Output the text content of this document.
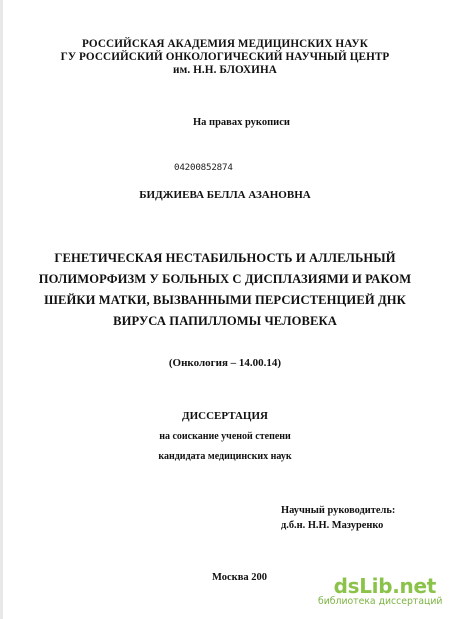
РОССИЙСКАЯ АКАДЕМИЯ МЕДИЦИНСКИХ НАУК
ГУ РОССИЙСКИЙ ОНКОЛОГИЧЕСКИЙ НАУЧНЫЙ ЦЕНТР
им. Н.Н. БЛОХИНА
На правах рукописи
04200852874
БИДЖИЕВА БЕЛЛА АЗАНОВНА
ГЕНЕТИЧЕСКАЯ НЕСТАБИЛЬНОСТЬ И АЛЛЕЛЬНЫЙ
ПОЛИМОРФИЗМ У БОЛЬНЫХ С ДИСПЛАЗИЯМИ И РАКОМ
ШЕЙКИ МАТКИ, ВЫЗВАННЫМИ ПЕРСИСТЕНЦИЕЙ ДНК
ВИРУСА ПАПИЛЛОМЫ ЧЕЛОВЕКА
(Онкология – 14.00.14)
ДИССЕРТАЦИЯ
на соискание ученой степени
кандидата медицинских наук
Научный руководитель:
д.б.н. Н.Н. Мазуренко
Москва 200	dsLib.net
библиотека диссертаций
